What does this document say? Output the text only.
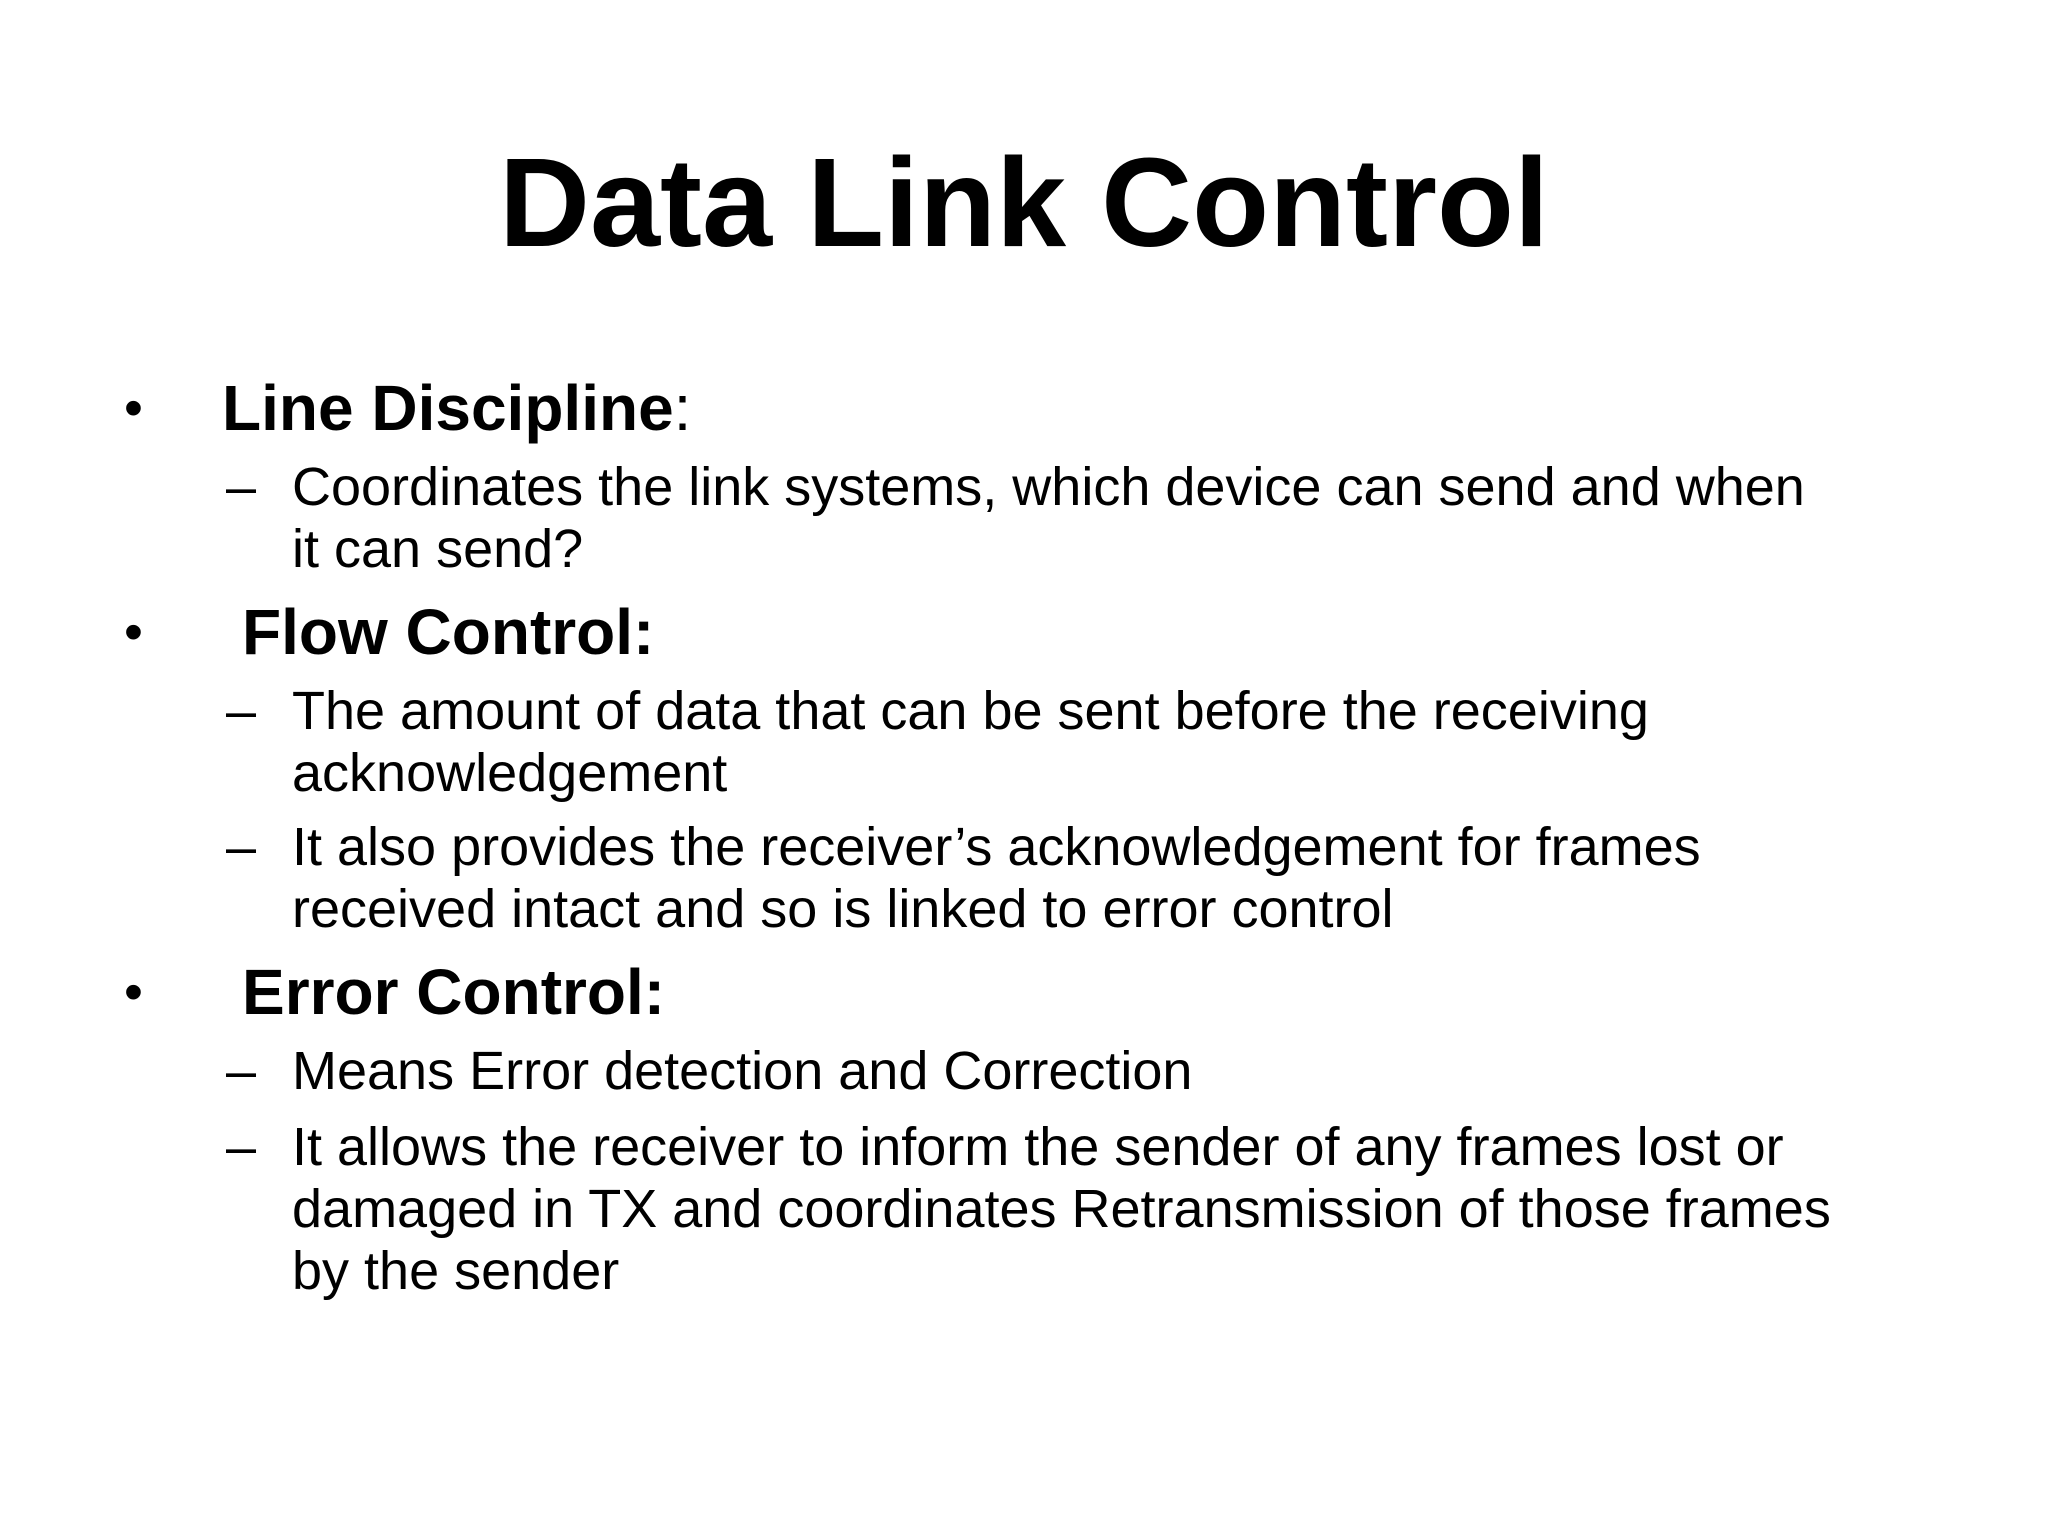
Data Link Control
• Line Discipline:
– Coordinates the link systems, which device can send and when
it can send?
• Flow Control:
– The amount of data that can be sent before the receiving
acknowledgement
– It also provides the receiver’s acknowledgement for frames
received intact and so is linked to error control
• Error Control:
– Means Error detection and Correction
– It allows the receiver to inform the sender of any frames lost or
damaged in TX and coordinates Retransmission of those frames
by the sender
